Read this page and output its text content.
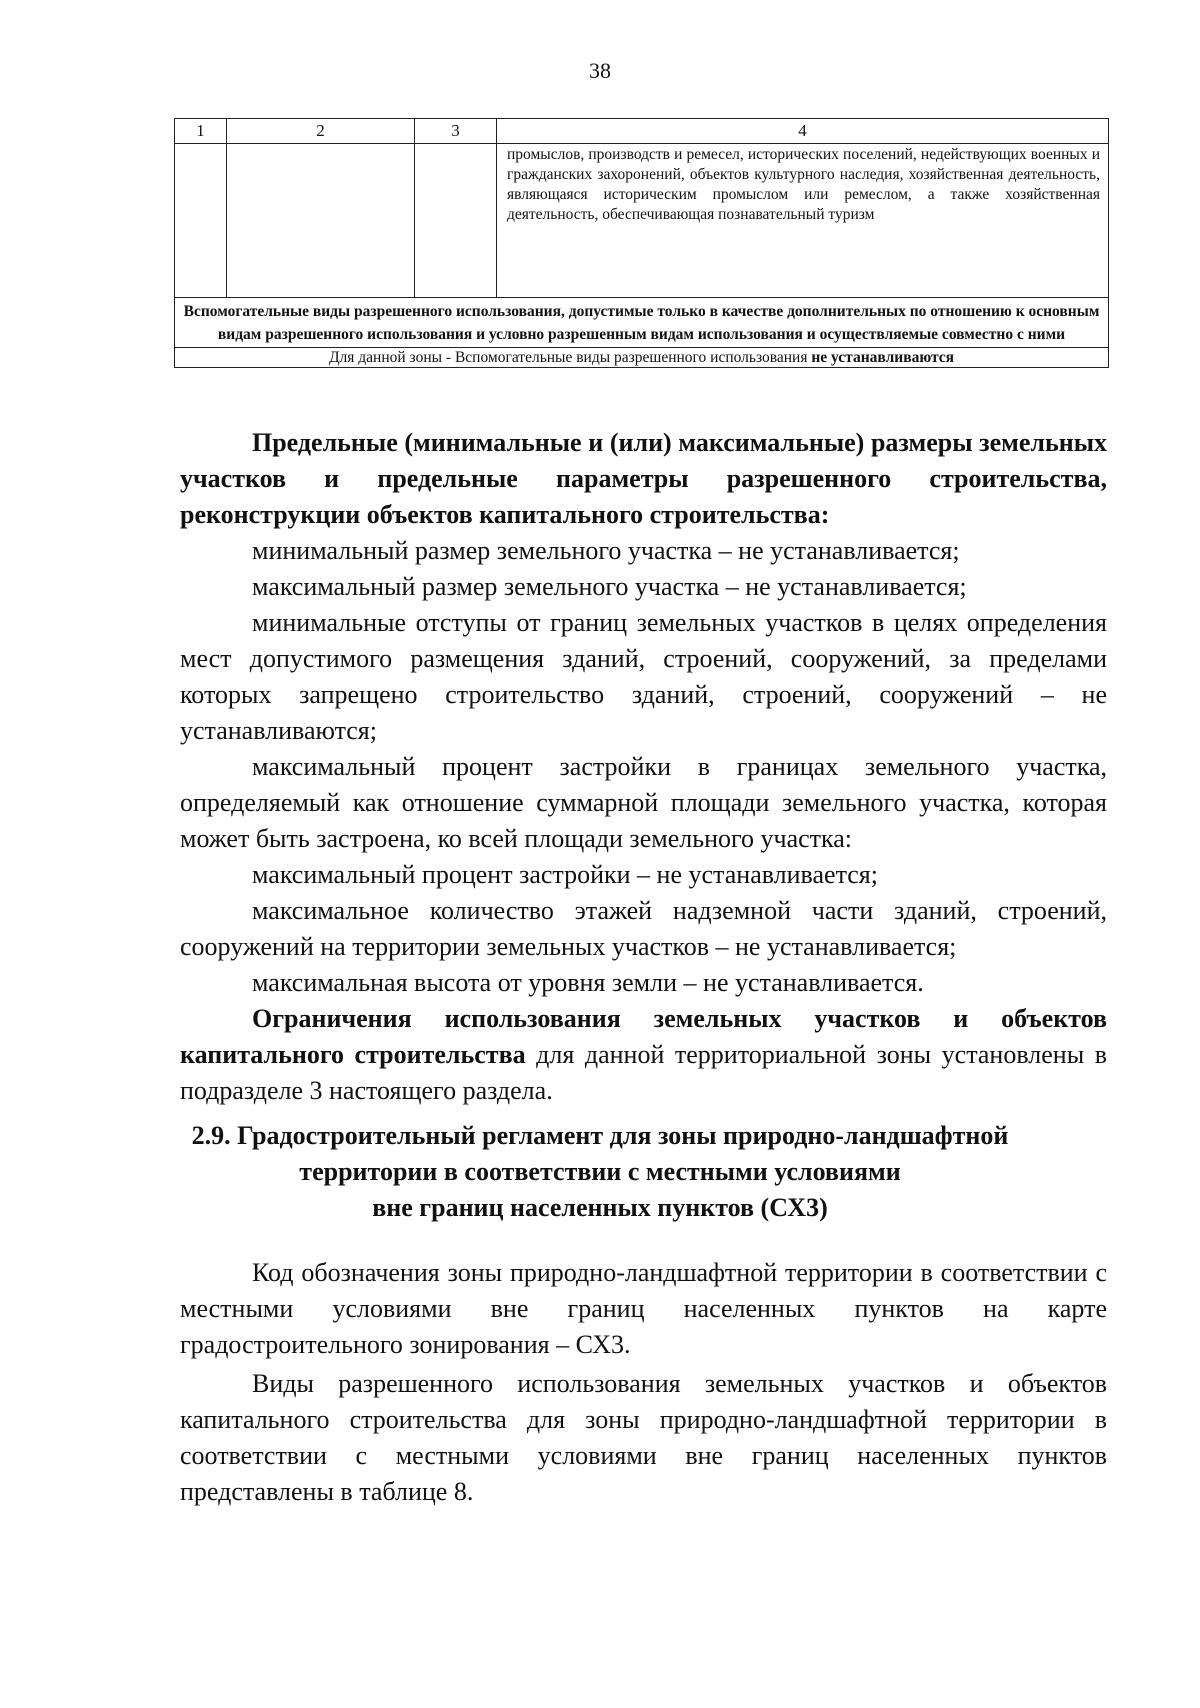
38
1	2	3	4
			промыслов, производств и ремесел, исторических поселений, недействующих военных и гражданских захоронений, объектов культурного наследия, хозяйственная деятельность, являющаяся историческим промыслом или ремеслом, а также хозяйственная деятельность, обеспечивающая познавательный туризм
Вспомогательные виды разрешенного использования, допустимые только в качестве дополнительных по отношению к основным видам разрешенного использования и условно разрешенным видам использования и осуществляемые совместно с ними			
Для данной зоны - Вспомогательные виды разрешенного использования не устанавливаются			

Предельные (минимальные и (или) максимальные) размеры земельных участков и предельные параметры разрешенного строительства, реконструкции объектов капитального строительства:

минимальный размер земельного участка – не устанавливается;

максимальный размер земельного участка – не устанавливается;

минимальные отступы от границ земельных участков в целях определения мест допустимого размещения зданий, строений, сооружений, за пределами которых запрещено строительство зданий, строений, сооружений – не устанавливаются;

максимальный процент застройки в границах земельного участка, определяемый как отношение суммарной площади земельного участка, которая может быть застроена, ко всей площади земельного участка:

максимальный процент застройки – не устанавливается;

максимальное количество этажей надземной части зданий, строений, сооружений на территории земельных участков – не устанавливается;

максимальная высота от уровня земли – не устанавливается.

Ограничения использования земельных участков и объектов капитального строительства для данной территориальной зоны установлены в подразделе 3 настоящего раздела.

2.9. Градостроительный регламент для зоны природно-ландшафтной
территории в соответствии с местными условиями
вне границ населенных пунктов (СХ3)

Код обозначения зоны природно-ландшафтной территории в соответствии с местными условиями вне границ населенных пунктов на карте градостроительного зонирования – СХ3.

Виды разрешенного использования земельных участков и объектов капитального строительства для зоны природно-ландшафтной территории в соответствии с местными условиями вне границ населенных пунктов представлены в таблице 8.
